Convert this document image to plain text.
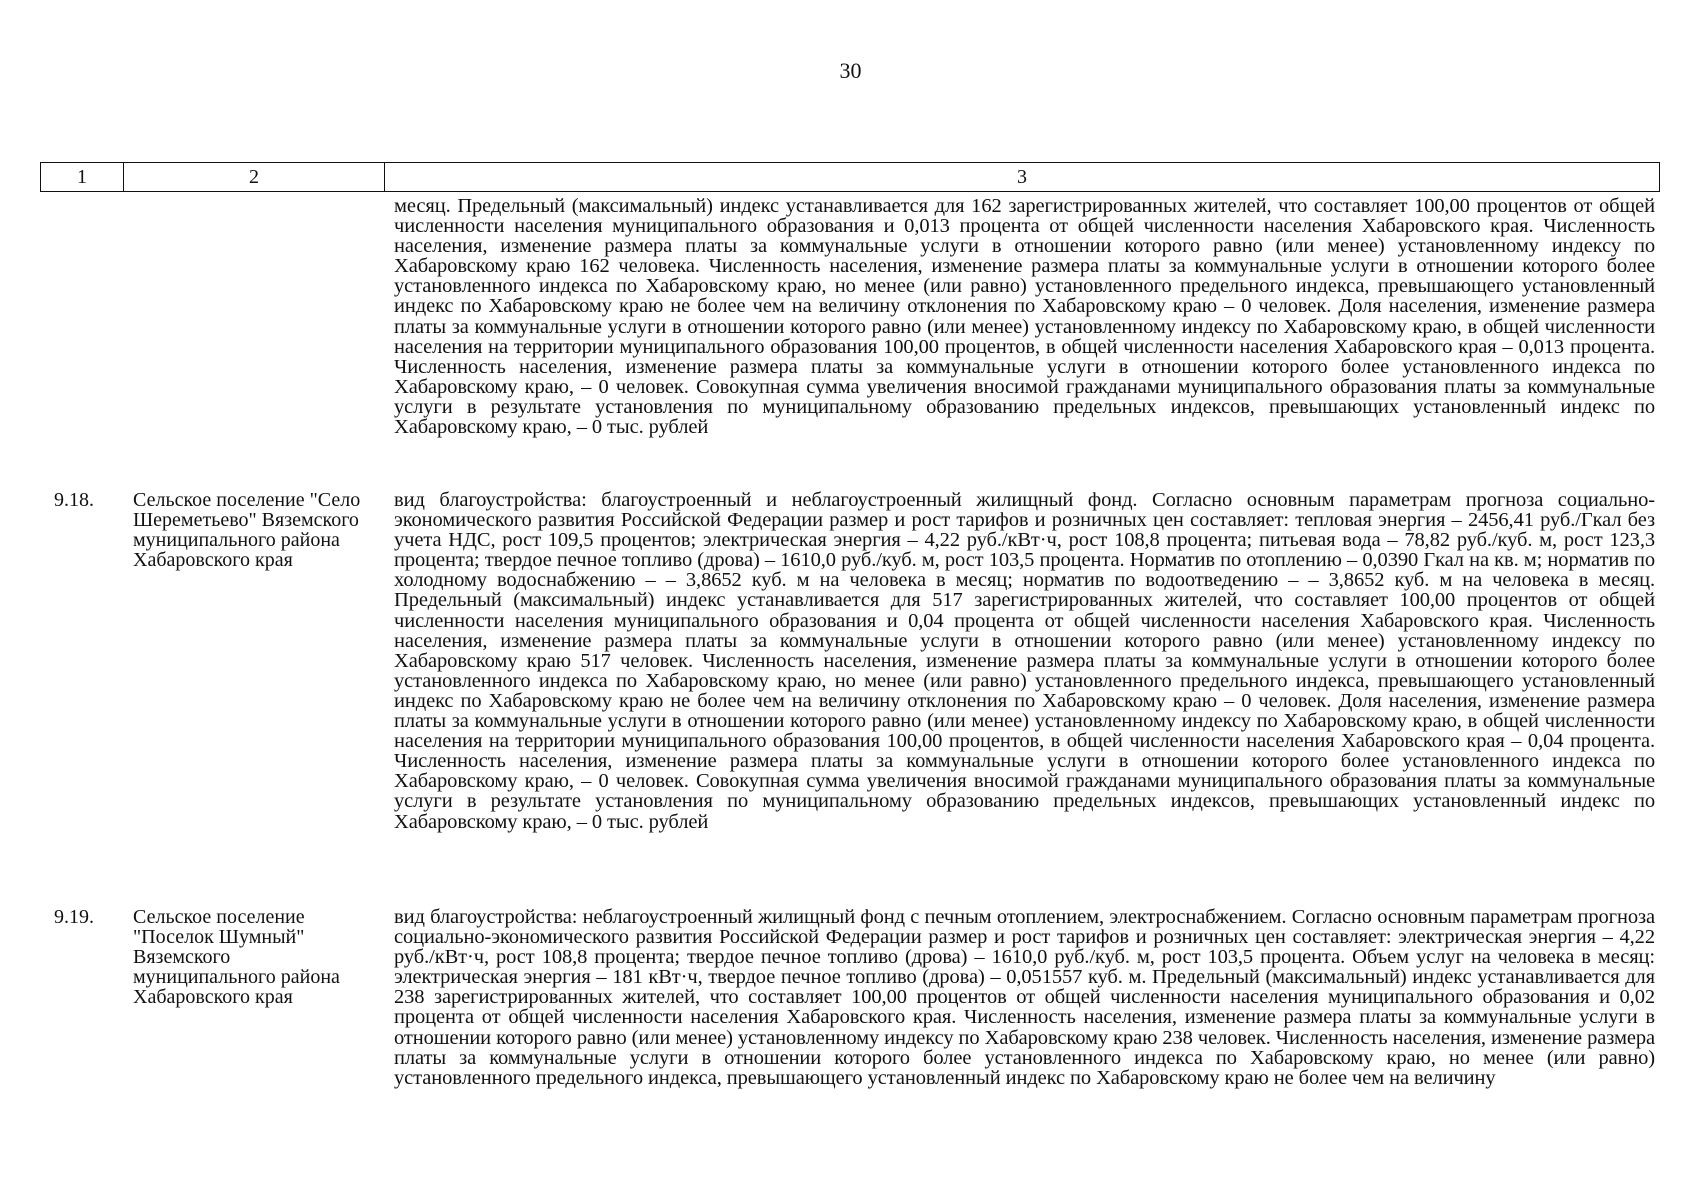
30
1	2	3

месяц. Предельный (максимальный) индекс устанавливается для 162 зарегистрированных жителей, что составляет 100,00 процентов от общей численности населения муниципального образования и 0,013 процента от общей численности населения Хабаровского края. Численность населения, изменение размера платы за коммунальные услуги в отношении которого равно (или менее) установленному индексу по Хабаровскому краю 162 человека. Численность населения, изменение размера платы за коммунальные услуги в отношении которого более установленного индекса по Хабаровскому краю, но менее (или равно) установленного предельного индекса, превышающего установленный индекс по Хабаровскому краю не более чем на величину отклонения по Хабаровскому краю – 0 человек. Доля населения, изменение размера платы за коммунальные услуги в отношении которого равно (или менее) установленному индексу по Хабаровскому краю, в общей численности населения на территории муниципального образования 100,00 процентов, в общей численности населения Хабаровского края – 0,013 процента. Численность населения, изменение размера платы за коммунальные услуги в отношении которого более установленного индекса по Хабаровскому краю, – 0 человек. Совокупная сумма увеличения вносимой гражданами муниципального образования платы за коммунальные услуги в результате установления по муниципальному образованию предельных индексов, превышающих установленный индекс по Хабаровскому краю, – 0 тыс. рублей

9.18. Сельское поселение "Село Шереметьево" Вяземского муниципального района Хабаровского края

вид благоустройства: благоустроенный и неблагоустроенный жилищный фонд. Согласно основным параметрам прогноза социально-экономического развития Российской Федерации размер и рост тарифов и розничных цен составляет: тепловая энергия – 2456,41 руб./Гкал без учета НДС, рост 109,5 процентов; электрическая энергия – 4,22 руб./кВт·ч, рост 108,8 процента; питьевая вода – 78,82 руб./куб. м, рост 123,3 процента; твердое печное топливо (дрова) – 1610,0 руб./куб. м, рост 103,5 процента. Норматив по отоплению – 0,0390 Гкал на кв. м; норматив по холодному водоснабжению – – 3,8652 куб. м на человека в месяц; норматив по водоотведению – – 3,8652 куб. м на человека в месяц. Предельный (максимальный) индекс устанавливается для 517 зарегистрированных жителей, что составляет 100,00 процентов от общей численности населения муниципального образования и 0,04 процента от общей численности населения Хабаровского края. Численность населения, изменение размера платы за коммунальные услуги в отношении которого равно (или менее) установленному индексу по Хабаровскому краю 517 человек. Численность населения, изменение размера платы за коммунальные услуги в отношении которого более установленного индекса по Хабаровскому краю, но менее (или равно) установленного предельного индекса, превышающего установленный индекс по Хабаровскому краю не более чем на величину отклонения по Хабаровскому краю – 0 человек. Доля населения, изменение размера платы за коммунальные услуги в отношении которого равно (или менее) установленному индексу по Хабаровскому краю, в общей численности населения на территории муниципального образования 100,00 процентов, в общей численности населения Хабаровского края – 0,04 процента. Численность населения, изменение размера платы за коммунальные услуги в отношении которого более установленного индекса по Хабаровскому краю, – 0 человек. Совокупная сумма увеличения вносимой гражданами муниципального образования платы за коммунальные услуги в результате установления по муниципальному образованию предельных индексов, превышающих установленный индекс по Хабаровскому краю, – 0 тыс. рублей

9.19. Сельское поселение "Поселок Шумный" Вяземского муниципального района Хабаровского края

вид благоустройства: неблагоустроенный жилищный фонд с печным отоплением, электроснабжением. Согласно основным параметрам прогноза социально-экономического развития Российской Федерации размер и рост тарифов и розничных цен составляет: электрическая энергия – 4,22 руб./кВт·ч, рост 108,8 процента; твердое печное топливо (дрова) – 1610,0 руб./куб. м, рост 103,5 процента. Объем услуг на человека в месяц: электрическая энергия – 181 кВт·ч, твердое печное топливо (дрова) – 0,051557 куб. м. Предельный (максимальный) индекс устанавливается для 238 зарегистрированных жителей, что составляет 100,00 процентов от общей численности населения муниципального образования и 0,02 процента от общей численности населения Хабаровского края. Численность населения, изменение размера платы за коммунальные услуги в отношении которого равно (или менее) установленному индексу по Хабаровскому краю 238 человек. Численность населения, изменение размера платы за коммунальные услуги в отношении которого более установленного индекса по Хабаровскому краю, но менее (или равно) установленного предельного индекса, превышающего установленный индекс по Хабаровскому краю не более чем на величину
